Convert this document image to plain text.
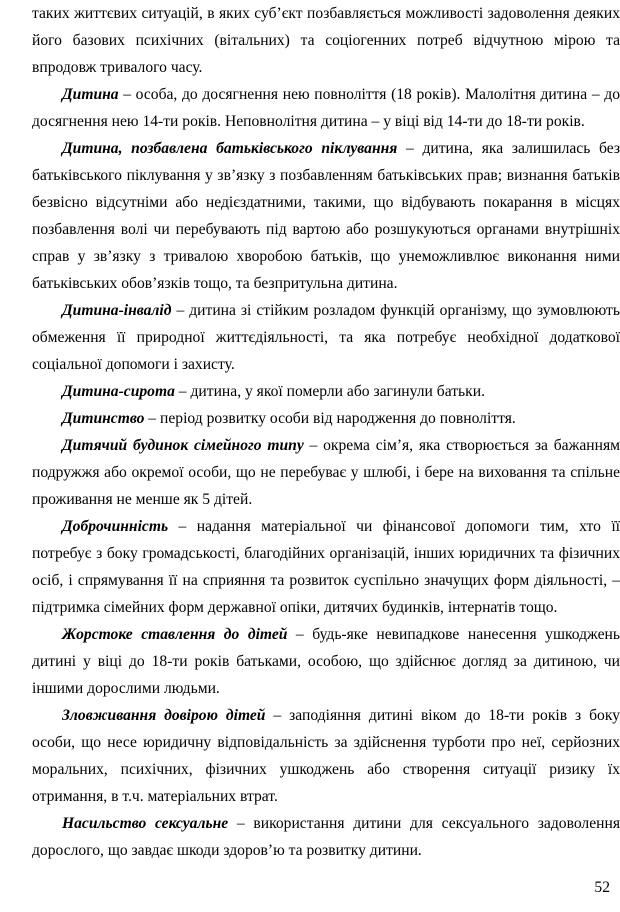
таких життєвих ситуацій, в яких суб’єкт позбавляється можливості задоволення деяких його базових психічних (вітальних) та соціогенних потреб відчутною мірою та впродовж тривалого часу.

Дитина – особа, до досягнення нею повноліття (18 років). Малолітня дитина – до досягнення нею 14-ти років. Неповнолітня дитина – у віці від 14-ти до 18-ти років.

Дитина, позбавлена батьківського піклування – дитина, яка залишилась без батьківського піклування у зв’язку з позбавленням батьківських прав; визнання батьків безвісно відсутніми або недієздатними, такими, що відбувають покарання в місцях позбавлення волі чи перебувають під вартою або розшукуються органами внутрішніх справ у зв’язку з тривалою хворобою батьків, що унеможливлює виконання ними батьківських обов’язків тощо, та безпритульна дитина.

Дитина-інвалід – дитина зі стійким розладом функцій організму, що зумовлюють обмеження її природної життєдіяльності, та яка потребує необхідної додаткової соціальної допомоги і захисту.

Дитина-сирота – дитина, у якої померли або загинули батьки.

Дитинство – період розвитку особи від народження до повноліття.

Дитячий будинок сімейного типу – окрема сім’я, яка створюється за бажанням подружжя або окремої особи, що не перебуває у шлюбі, і бере на виховання та спільне проживання не менше як 5 дітей.

Доброчинність – надання матеріальної чи фінансової допомоги тим, хто її потребує з боку громадськості, благодійних організацій, інших юридичних та фізичних осіб, і спрямування її на сприяння та розвиток суспільно значущих форм діяльності, – підтримка сімейних форм державної опіки, дитячих будинків, інтернатів тощо.

Жорстоке ставлення до дітей – будь-яке невипадкове нанесення ушкоджень дитині у віці до 18-ти років батьками, особою, що здійснює догляд за дитиною, чи іншими дорослими людьми.

Зловживання довірою дітей – заподіяння дитині віком до 18-ти років з боку особи, що несе юридичну відповідальність за здійснення турботи про неї, серйозних моральних, психічних, фізичних ушкоджень або створення ситуації ризику їх отримання, в т.ч. матеріальних втрат.

Насильство сексуальне – використання дитини для сексуального задоволення дорослого, що завдає шкоди здоров’ю та розвитку дитини.

52
